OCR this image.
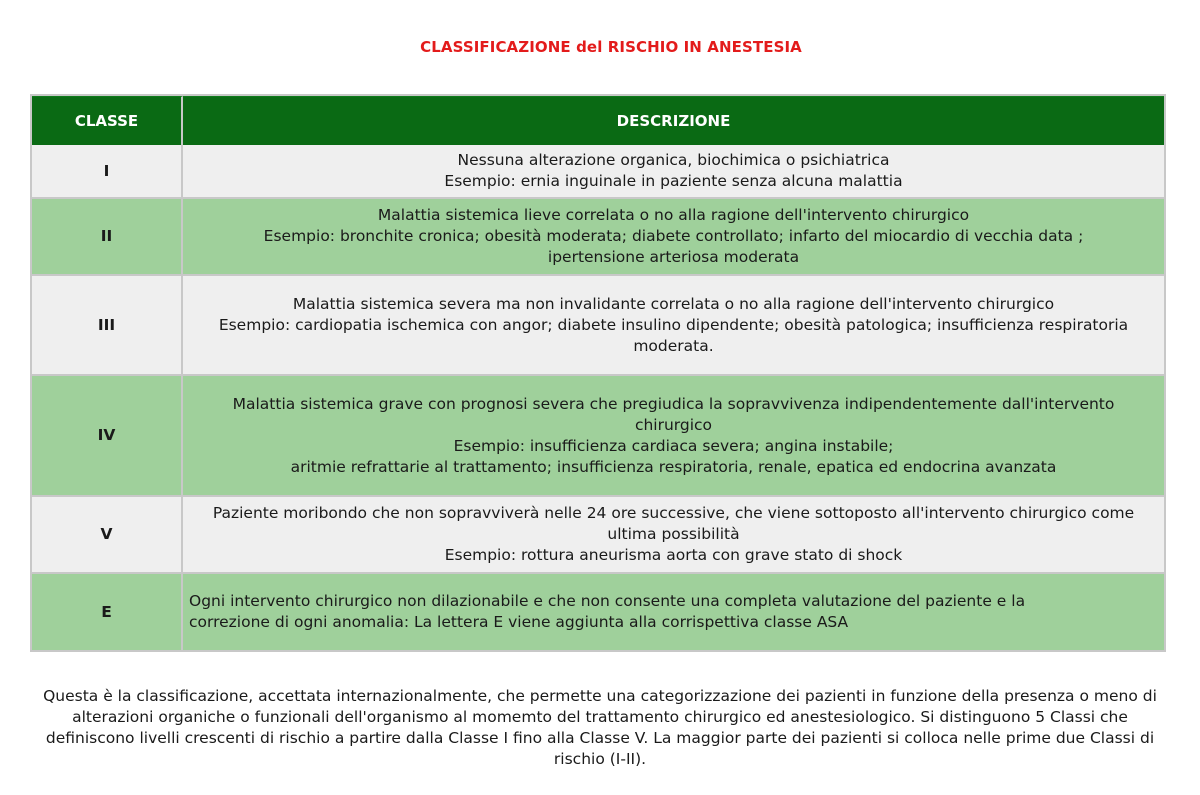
CLASSIFICAZIONE del RISCHIO IN ANESTESIA
CLASSE	DESCRIZIONE
I	Nessuna alterazione organica, biochimica o psichiatrica
Esempio: ernia inguinale in paziente senza alcuna malattia

II	Malattia sistemica lieve correlata o no alla ragione dell'intervento chirurgico
Esempio: bronchite cronica; obesità moderata; diabete controllato; infarto del miocardio di vecchia data ; ipertensione arteriosa moderata

III	Malattia sistemica severa ma non invalidante correlata o no alla ragione dell'intervento chirurgico
Esempio: cardiopatia ischemica con angor; diabete insulino dipendente; obesità patologica; insufficienza respiratoria moderata.

IV	Malattia sistemica grave con prognosi severa che pregiudica la sopravvivenza indipendentemente dall'intervento chirurgico
Esempio: insufficienza cardiaca severa; angina instabile;
aritmie refrattarie al trattamento; insufficienza respiratoria, renale, epatica ed endocrina avanzata

V	Paziente moribondo che non sopravviverà nelle 24 ore successive, che viene sottoposto all'intervento chirurgico come ultima possibilità
Esempio: rottura aneurisma aorta con grave stato di shock

E	Ogni intervento chirurgico non dilazionabile e che non consente una completa valutazione del paziente e la correzione di ogni anomalia: La lettera E viene aggiunta alla corrispettiva classe ASA
Questa è la classificazione, accettata internazionalmente, che permette una categorizzazione dei pazienti in funzione della presenza o meno di alterazioni organiche o funzionali dell'organismo al momemto del trattamento chirurgico ed anestesiologico. Si distinguono 5 Classi che definiscono livelli crescenti di rischio a partire dalla Classe I fino alla Classe V. La maggior parte dei pazienti si colloca nelle prime due Classi di rischio (I-II).
